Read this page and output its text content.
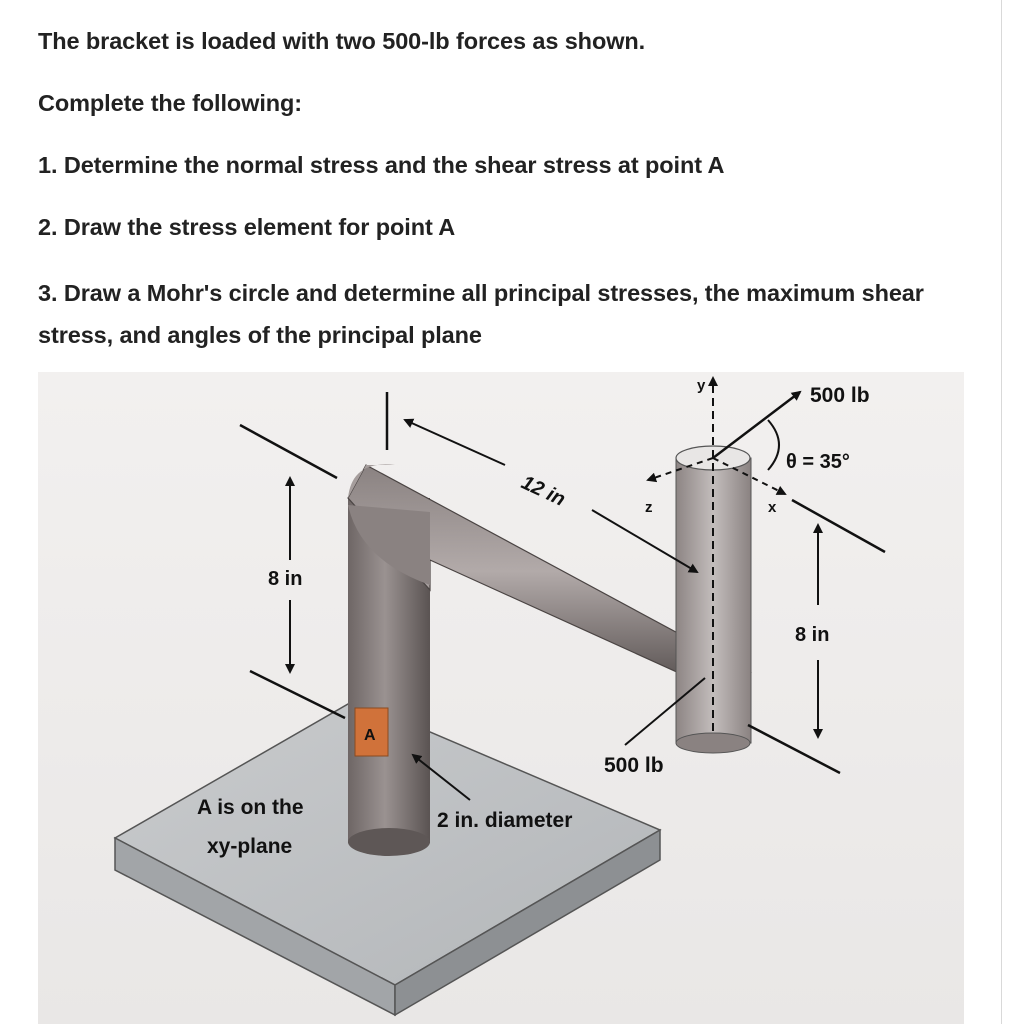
The bracket is loaded with two 500-lb forces as shown.

Complete the following:

1. Determine the normal stress and the shear stress at point A

2. Draw the stress element for point A

3. Draw a Mohr's circle and determine all principal stresses, the maximum shear stress, and angles of the principal plane

y
z	x
500 lb
θ = 35°
12 in
8 in
8 in
500 lb
A
2 in. diameter
A is on the
xy-plane
